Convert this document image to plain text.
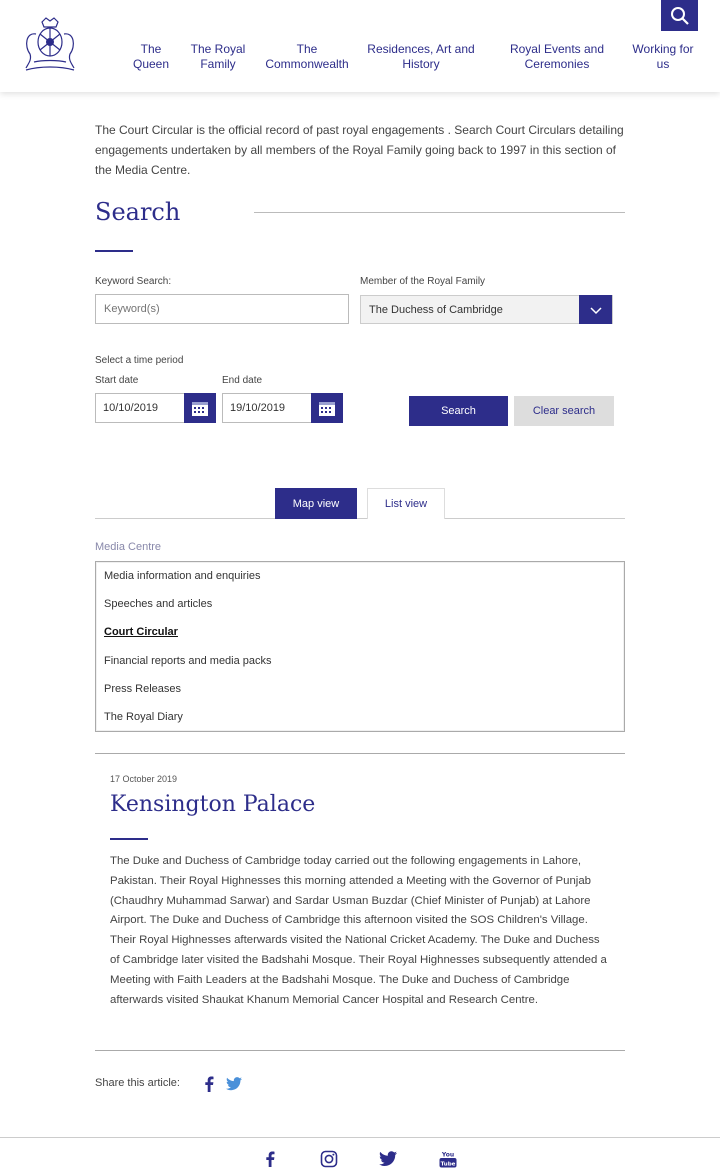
The Queen
The Royal Family
The Commonwealth
Residences, Art and History
Royal Events and Ceremonies
Working for us
The Court Circular is the official record of past royal engagements . Search Court Circulars detailing engagements undertaken by all members of the Royal Family going back to 1997 in this section of the Media Centre.
Search
Keyword Search:
Keyword(s)	Member of the Royal Family
The Duchess of Cambridge
Select a time period
Start date	End date
10/10/2019	19/10/2019	Search	Clear search
Map view	List view
Media Centre
Media information and enquiries
Speeches and articles
Court Circular
Financial reports and media packs
Press Releases
The Royal Diary
17 October 2019
Kensington Palace
The Duke and Duchess of Cambridge today carried out the following engagements in Lahore, Pakistan. Their Royal Highnesses this morning attended a Meeting with the Governor of Punjab (Chaudhry Muhammad Sarwar) and Sardar Usman Buzdar (Chief Minister of Punjab) at Lahore Airport. The Duke and Duchess of Cambridge this afternoon visited the SOS Children's Village. Their Royal Highnesses afterwards visited the National Cricket Academy. The Duke and Duchess of Cambridge later visited the Badshahi Mosque. Their Royal Highnesses subsequently attended a Meeting with Faith Leaders at the Badshahi Mosque. The Duke and Duchess of Cambridge afterwards visited Shaukat Khanum Memorial Cancer Hospital and Research Centre.
Share this article:
Tube
You
